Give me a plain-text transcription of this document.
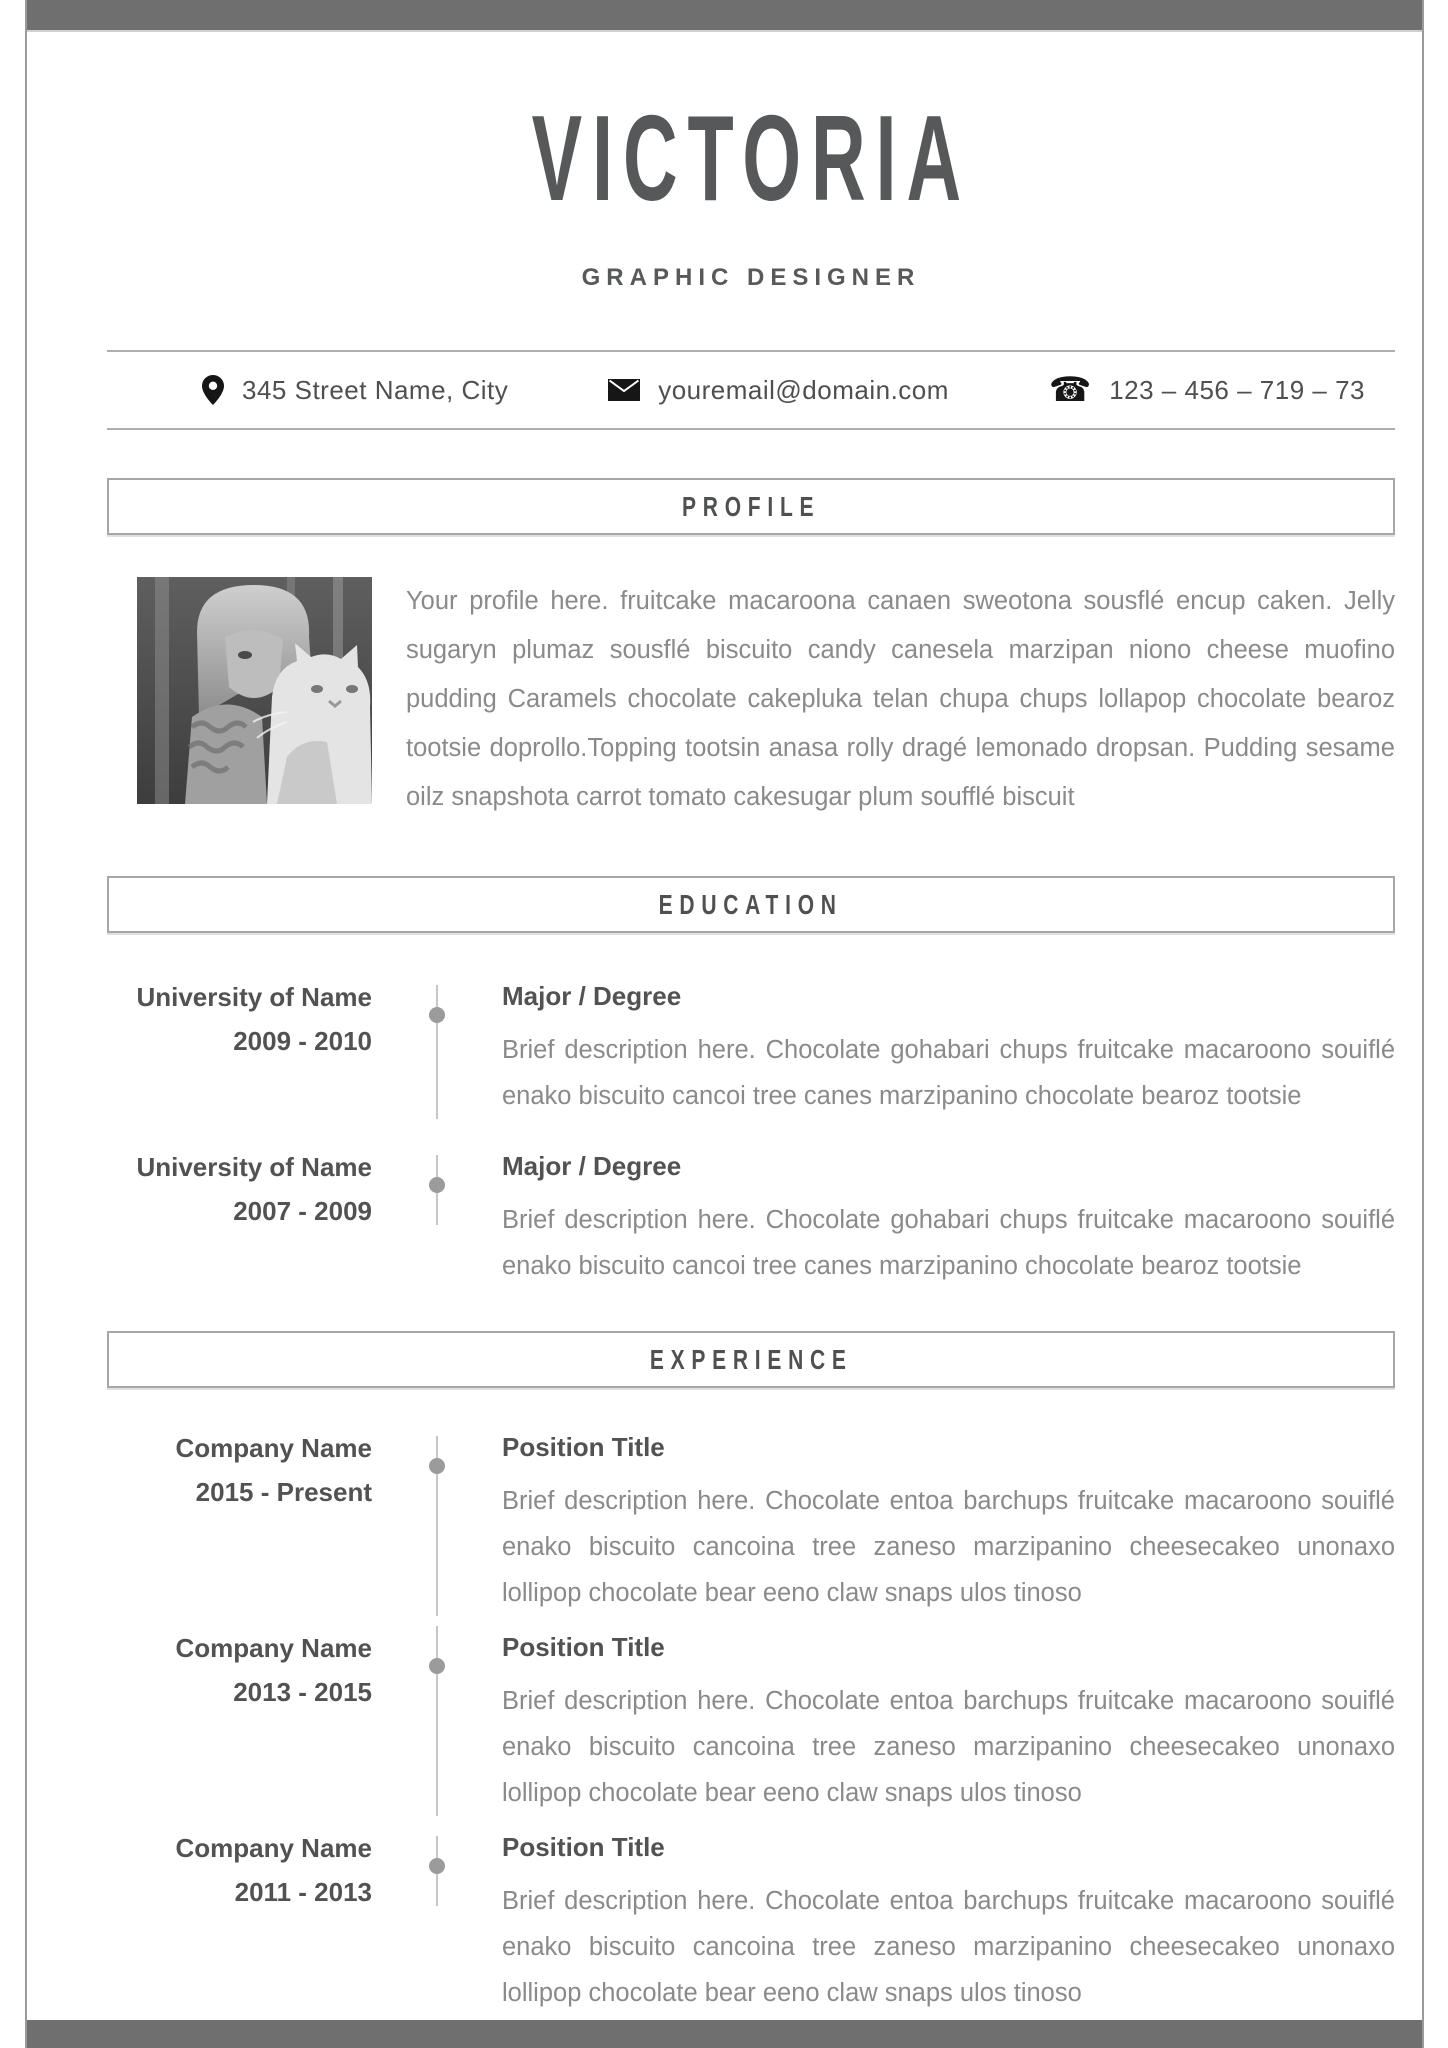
VICTORIA
GRAPHIC DESIGNER
345 Street Name, City	youremail@domain.com	☎ 123 – 456 – 719 – 73
PROFILE
Your profile here. fruitcake macaroona canaen sweotona sousflé encup caken. Jelly sugaryn plumaz sousflé biscuito candy canesela marzipan niono cheese muofino pudding Caramels chocolate cakepluka telan chupa chups lollapop chocolate bearoz tootsie doprollo.Topping tootsin anasa rolly dragé lemonado dropsan. Pudding sesame oilz snapshota carrot tomato cakesugar plum soufflé biscuit
EDUCATION
University of Name
2009 - 2010
Major / Degree
Brief description here. Chocolate gohabari chups fruitcake macaroono souiflé enako biscuito cancoi tree canes marzipanino chocolate bearoz tootsie
University of Name
2007 - 2009
Major / Degree
Brief description here. Chocolate gohabari chups fruitcake macaroono souiflé enako biscuito cancoi tree canes marzipanino chocolate bearoz tootsie
EXPERIENCE
Company Name
2015 - Present
Position Title
Brief description here. Chocolate entoa barchups fruitcake macaroono souiflé enako biscuito cancoina tree zaneso marzipanino cheesecakeo unonaxo lollipop chocolate bear eeno claw snaps ulos tinoso
Company Name
2013 - 2015
Position Title
Brief description here. Chocolate entoa barchups fruitcake macaroono souiflé enako biscuito cancoina tree zaneso marzipanino cheesecakeo unonaxo lollipop chocolate bear eeno claw snaps ulos tinoso
Company Name
2011 - 2013
Position Title
Brief description here. Chocolate entoa barchups fruitcake macaroono souiflé enako biscuito cancoina tree zaneso marzipanino cheesecakeo unonaxo lollipop chocolate bear eeno claw snaps ulos tinoso
